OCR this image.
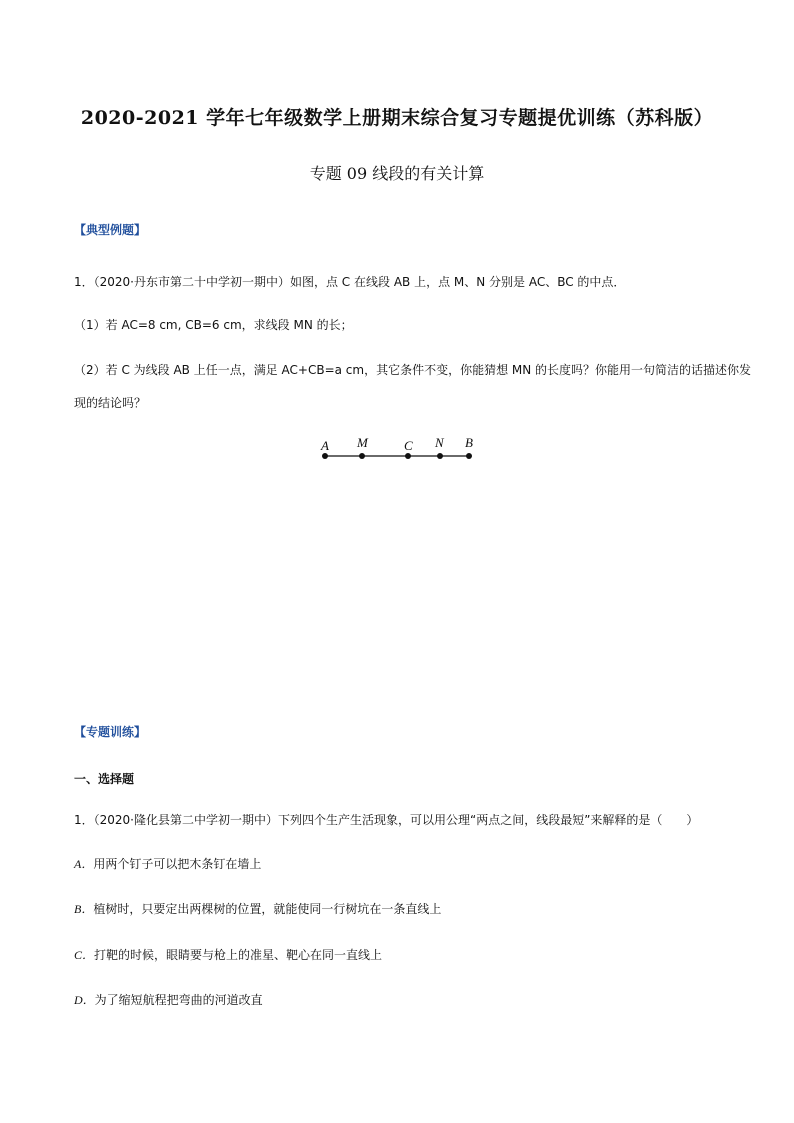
2020-2021 学年七年级数学上册期末综合复习专题提优训练（苏科版）
专题 09 线段的有关计算
【典型例题】
1．（2020·丹东市第二十中学初一期中）如图，点 C 在线段 AB 上，点 M、N 分别是 AC、BC 的中点．
（1）若 AC=8 cm, CB=6 cm，求线段 MN 的长；
（2）若 C 为线段 AB 上任一点，满足 AC+CB=a cm，其它条件不变，你能猜想 MN 的长度吗？你能用一句简洁的话描述你发
现的结论吗？
A M	C N B
【专题训练】
一、选择题
1．（2020·隆化县第二中学初一期中）下列四个生产生活现象，可以用公理“两点之间，线段最短”来解释的是（　　）
A．用两个钉子可以把木条钉在墙上
B．植树时，只要定出两棵树的位置，就能使同一行树坑在一条直线上
C．打靶的时候，眼睛要与枪上的准星、靶心在同一直线上
D．为了缩短航程把弯曲的河道改直
